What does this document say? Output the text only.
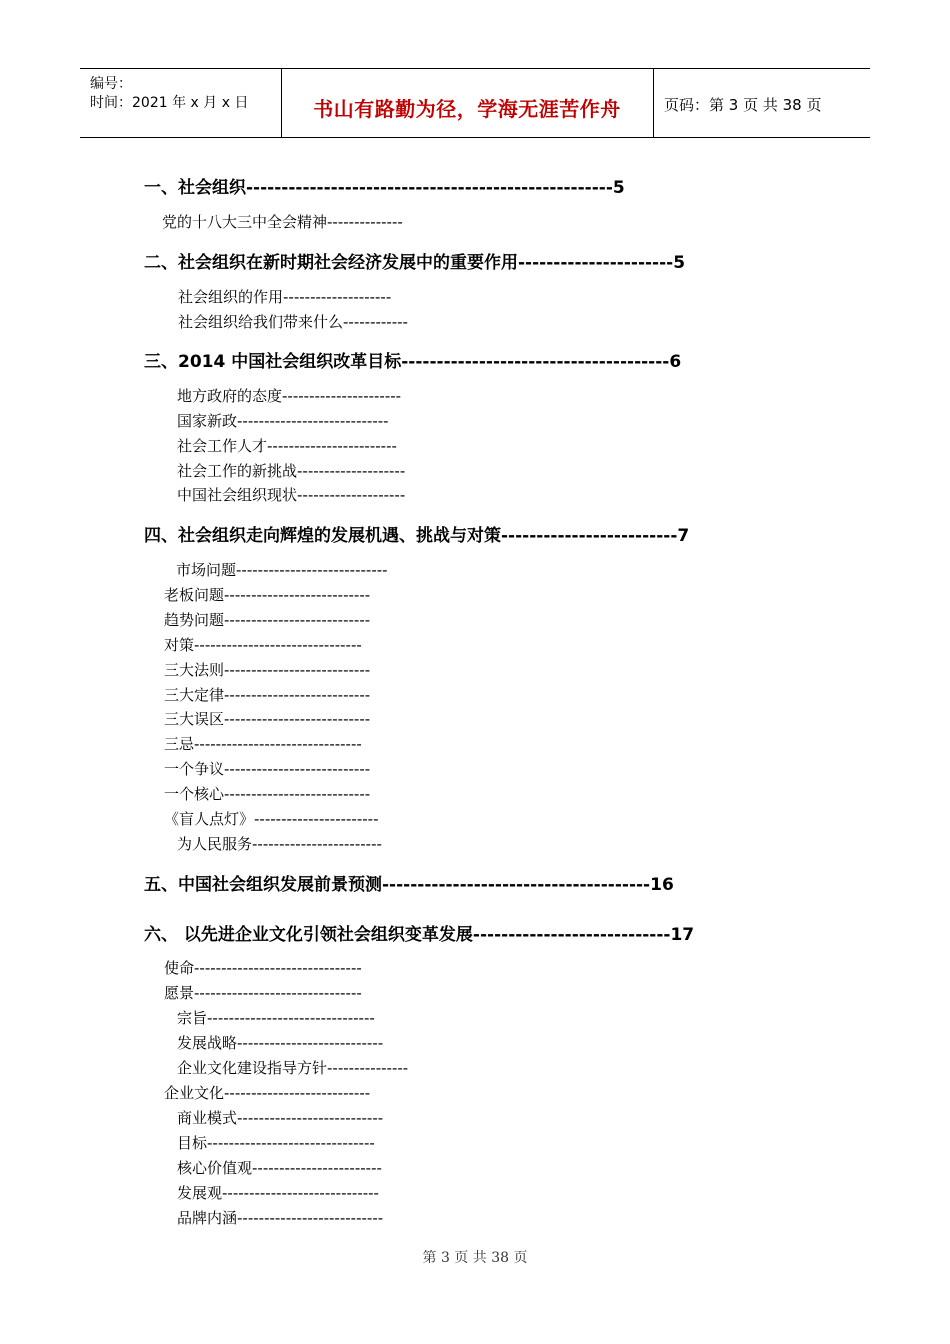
编号：
时间：2021 年 x 月 x 日	书山有路勤为径，学海无涯苦作舟	页码：第 3 页 共 38 页
一、社会组织----------------------------------------------------5
党的十八大三中全会精神--------------
二、社会组织在新时期社会经济发展中的重要作用----------------------5
社会组织的作用--------------------
社会组织给我们带来什么------------
三、2014 中国社会组织改革目标--------------------------------------6
地方政府的态度----------------------
国家新政----------------------------
社会工作人才------------------------
社会工作的新挑战--------------------
中国社会组织现状--------------------
四、社会组织走向辉煌的发展机遇、挑战与对策-------------------------7
市场问题----------------------------
老板问题---------------------------
趋势问题---------------------------
对策-------------------------------
三大法则---------------------------
三大定律---------------------------
三大误区---------------------------
三忌-------------------------------
一个争议---------------------------
一个核心---------------------------
《盲人点灯》-----------------------
为人民服务------------------------
五、中国社会组织发展前景预测--------------------------------------16
六、 以先进企业文化引领社会组织变革发展----------------------------17
使命-------------------------------
愿景-------------------------------
宗旨-------------------------------
发展战略---------------------------
企业文化建设指导方针---------------
企业文化---------------------------
商业模式---------------------------
目标-------------------------------
核心价值观------------------------
发展观-----------------------------
品牌内涵---------------------------
第 3 页 共 38 页
